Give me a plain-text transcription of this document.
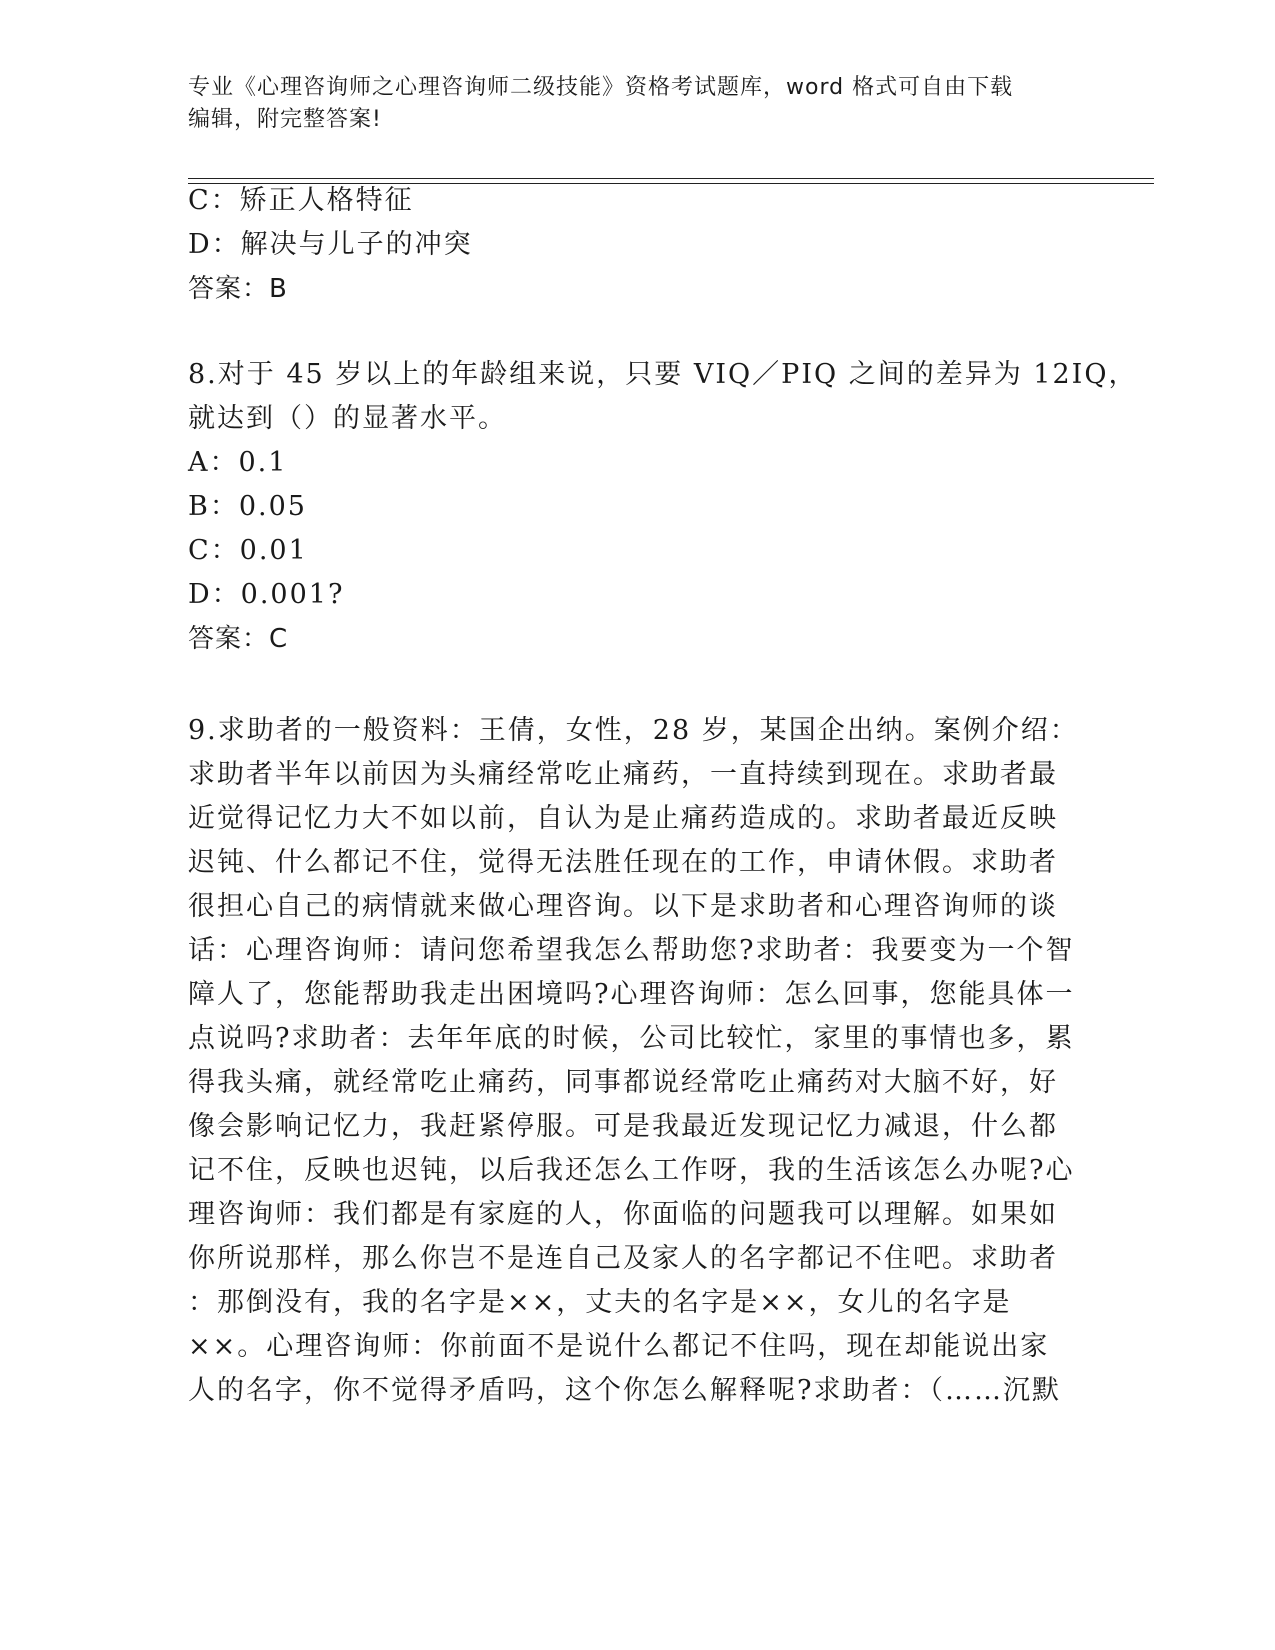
专业《心理咨询师之心理咨询师二级技能》资格考试题库，word 格式可自由下载
编辑，附完整答案!
C：矫正人格特征
D：解决与儿子的冲突
答案：B
8.对于 45 岁以上的年龄组来说，只要 VIQ／PIQ 之间的差异为 12IQ，
就达到（）的显著水平。
A：0.1
B：0.05
C：0.01
D：0.001?
答案：C
9.求助者的一般资料：王倩，女性，28 岁，某国企出纳。案例介绍：
求助者半年以前因为头痛经常吃止痛药，一直持续到现在。求助者最
近觉得记忆力大不如以前，自认为是止痛药造成的。求助者最近反映
迟钝、什么都记不住，觉得无法胜任现在的工作，申请休假。求助者
很担心自己的病情就来做心理咨询。以下是求助者和心理咨询师的谈
话：心理咨询师：请问您希望我怎么帮助您?求助者：我要变为一个智
障人了，您能帮助我走出困境吗?心理咨询师：怎么回事，您能具体一
点说吗?求助者：去年年底的时候，公司比较忙，家里的事情也多，累
得我头痛，就经常吃止痛药，同事都说经常吃止痛药对大脑不好，好
像会影响记忆力，我赶紧停服。可是我最近发现记忆力减退，什么都
记不住，反映也迟钝，以后我还怎么工作呀，我的生活该怎么办呢?心
理咨询师：我们都是有家庭的人，你面临的问题我可以理解。如果如
你所说那样，那么你岂不是连自己及家人的名字都记不住吧。求助者
：那倒没有，我的名字是××，丈夫的名字是××，女儿的名字是
××。心理咨询师：你前面不是说什么都记不住吗，现在却能说出家
人的名字，你不觉得矛盾吗，这个你怎么解释呢?求助者：（……沉默
